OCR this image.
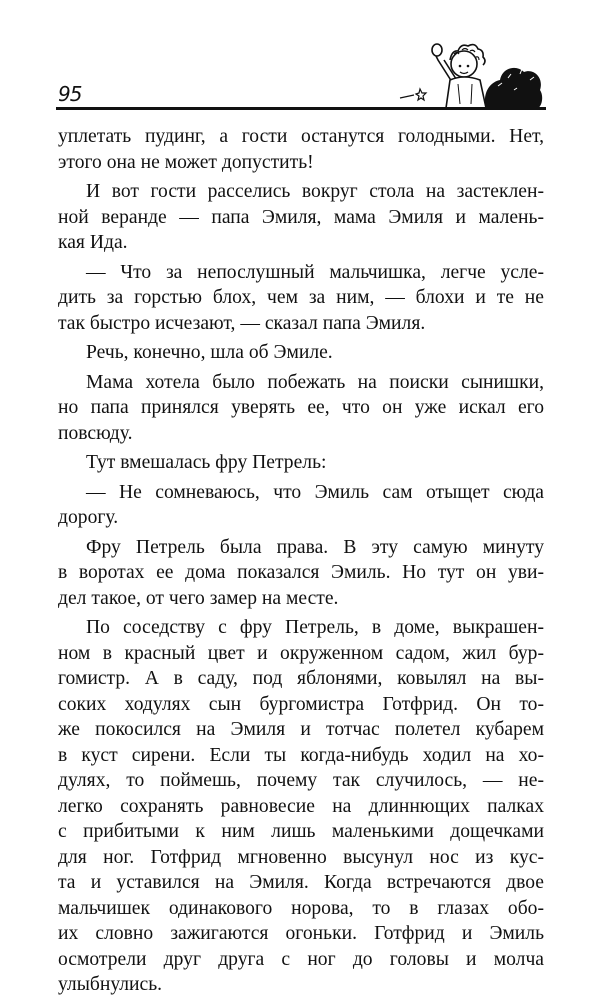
95

уплетать пудинг, а гости останутся голодными. Нет,
этого она не может допустить!

И вот гости расселись вокруг стола на застеклен-
ной веранде — папа Эмиля, мама Эмиля и малень-
кая Ида.

— Что за непослушный мальчишка, легче усле-
дить за горстью блох, чем за ним, — блохи и те не
так быстро исчезают, — сказал папа Эмиля.

Речь, конечно, шла об Эмиле.

Мама хотела было побежать на поиски сынишки,
но папа принялся уверять ее, что он уже искал его
повсюду.

Тут вмешалась фру Петрель:

— Не сомневаюсь, что Эмиль сам отыщет сюда
дорогу.

Фру Петрель была права. В эту самую минуту
в воротах ее дома показался Эмиль. Но тут он уви-
дел такое, от чего замер на месте.

По соседству с фру Петрель, в доме, выкрашен-
ном в красный цвет и окруженном садом, жил бур-
гомистр. А в саду, под яблонями, ковылял на вы-
соких ходулях сын бургомистра Готфрид. Он то-
же покосился на Эмиля и тотчас полетел кубарем
в куст сирени. Если ты когда-нибудь ходил на хо-
дулях, то поймешь, почему так случилось, — не-
легко сохранять равновесие на длиннющих палках
с прибитыми к ним лишь маленькими дощечками
для ног. Готфрид мгновенно высунул нос из кус-
та и уставился на Эмиля. Когда встречаются двое
мальчишек одинакового норова, то в глазах обо-
их словно зажигаются огоньки. Готфрид и Эмиль
осмотрели друг друга с ног до головы и молча
улыбнулись.
